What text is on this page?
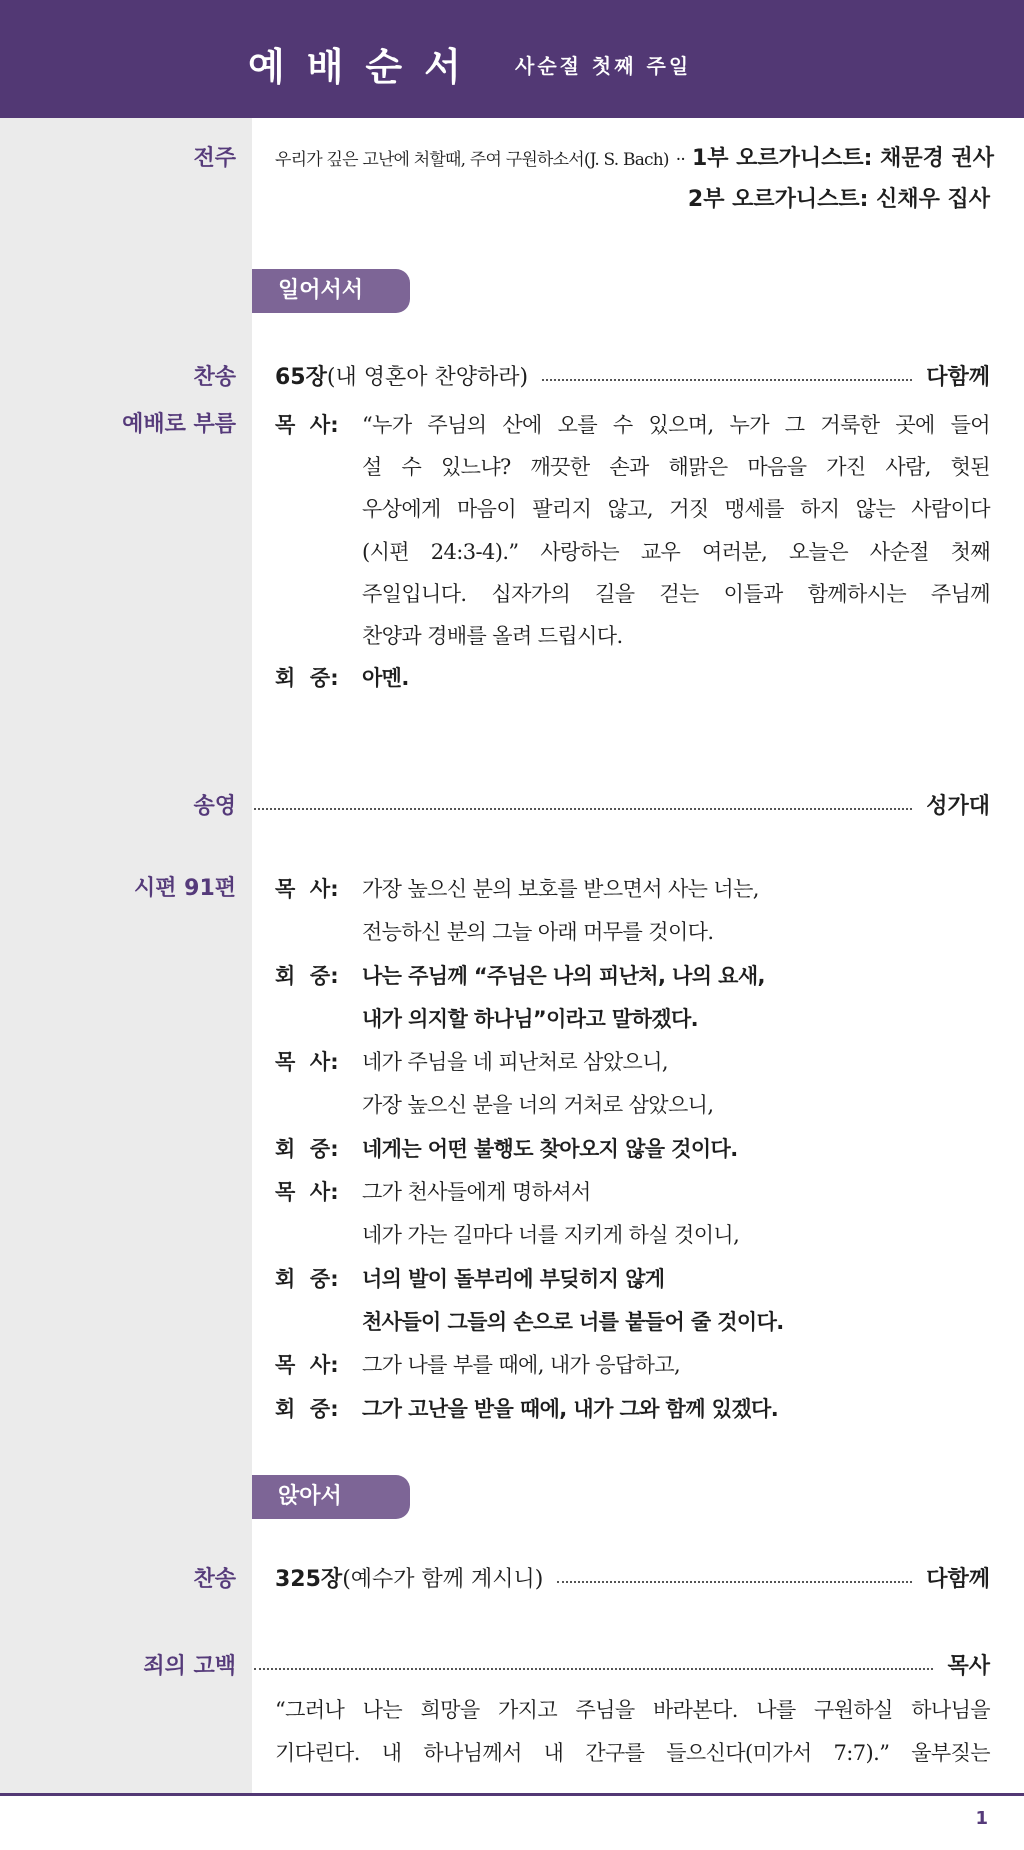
예배순서 사순절 첫째 주일
전주 우리가 깊은 고난에 처할때, 주여 구원하소서(J. S. Bach) ·· 1부 오르가니스트: 채문경 권사
2부 오르가니스트: 신채우 집사
일어서서
찬송 65장 (내 영혼아 찬양하라)	다함께
예배로 부름 목  사:	“누가 주님의 산에 오를 수 있으며, 누가 그 거룩한 곳에 들어
설 수 있느냐? 깨끗한 손과 해맑은 마음을 가진 사람, 헛된
우상에게 마음이 팔리지 않고, 거짓 맹세를 하지 않는 사람이다
(시편 24:3-4).” 사랑하는 교우 여러분, 오늘은 사순절 첫째
주일입니다. 십자가의 길을 걷는 이들과 함께하시는 주님께
찬양과 경배를 올려 드립시다.
회  중:	아멘.
송영	성가대
시편 91편 목  사:	가장 높으신 분의 보호를 받으면서 사는 너는,
전능하신 분의 그늘 아래 머무를 것이다.
회  중:	나는 주님께 “주님은 나의 피난처, 나의 요새,
내가 의지할 하나님”이라고 말하겠다.
목  사:	네가 주님을 네 피난처로 삼았으니,
가장 높으신 분을 너의 거처로 삼았으니,
회  중:	네게는 어떤 불행도 찾아오지 않을 것이다.
목  사:	그가 천사들에게 명하셔서
네가 가는 길마다 너를 지키게 하실 것이니,
회  중:	너의 발이 돌부리에 부딪히지 않게
천사들이 그들의 손으로 너를 붙들어 줄 것이다.
목  사:	그가 나를 부를 때에, 내가 응답하고,
회  중:	그가 고난을 받을 때에, 내가 그와 함께 있겠다.
앉아서
찬송 325장 (예수가 함께 계시니)	다함께
죄의 고백	목사
“그러나 나는 희망을 가지고 주님을 바라본다. 나를 구원하실 하나님을
기다린다. 내 하나님께서 내 간구를 들으신다(미가서 7:7).” 울부짖는
1
